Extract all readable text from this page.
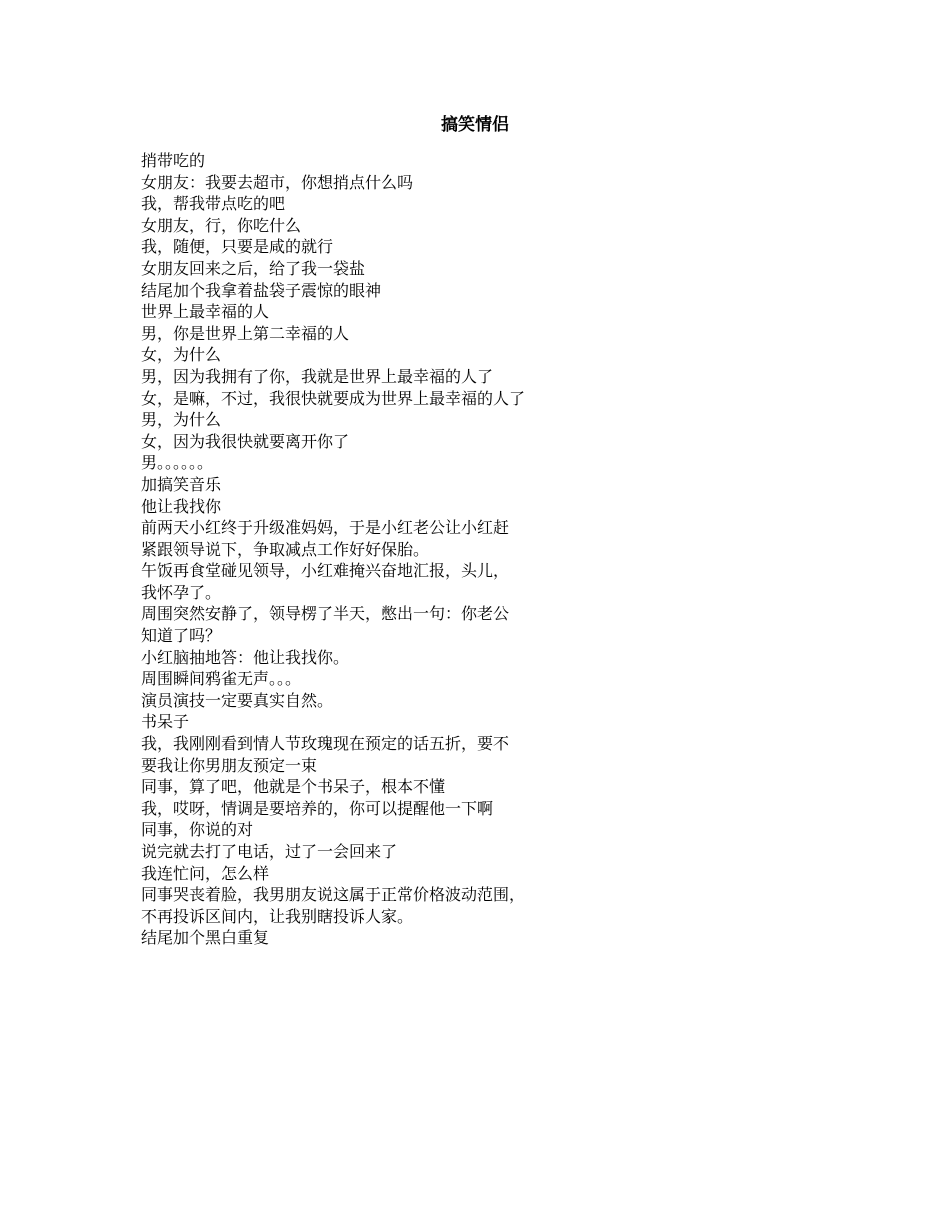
搞笑情侣
捎带吃的
女朋友：我要去超市，你想捎点什么吗
我，帮我带点吃的吧
女朋友，行，你吃什么
我，随便，只要是咸的就行
女朋友回来之后，给了我一袋盐
结尾加个我拿着盐袋子震惊的眼神
世界上最幸福的人
男，你是世界上第二幸福的人
女，为什么
男，因为我拥有了你，我就是世界上最幸福的人了
女，是嘛，不过，我很快就要成为世界上最幸福的人了
男，为什么
女，因为我很快就要离开你了
男。。。。。。
加搞笑音乐
他让我找你
前两天小红终于升级准妈妈，于是小红老公让小红赶
紧跟领导说下，争取减点工作好好保胎。
午饭再食堂碰见领导，小红难掩兴奋地汇报，头儿，
我怀孕了。
周围突然安静了，领导楞了半天，憋出一句：你老公
知道了吗？
小红脑抽地答：他让我找你。
周围瞬间鸦雀无声。。。
演员演技一定要真实自然。
书呆子
我，我刚刚看到情人节玫瑰现在预定的话五折，要不
要我让你男朋友预定一束
同事，算了吧，他就是个书呆子，根本不懂
我，哎呀，情调是要培养的，你可以提醒他一下啊
同事，你说的对
说完就去打了电话，过了一会回来了
我连忙问，怎么样
同事哭丧着脸，我男朋友说这属于正常价格波动范围，
不再投诉区间内，让我别瞎投诉人家。
结尾加个黑白重复
